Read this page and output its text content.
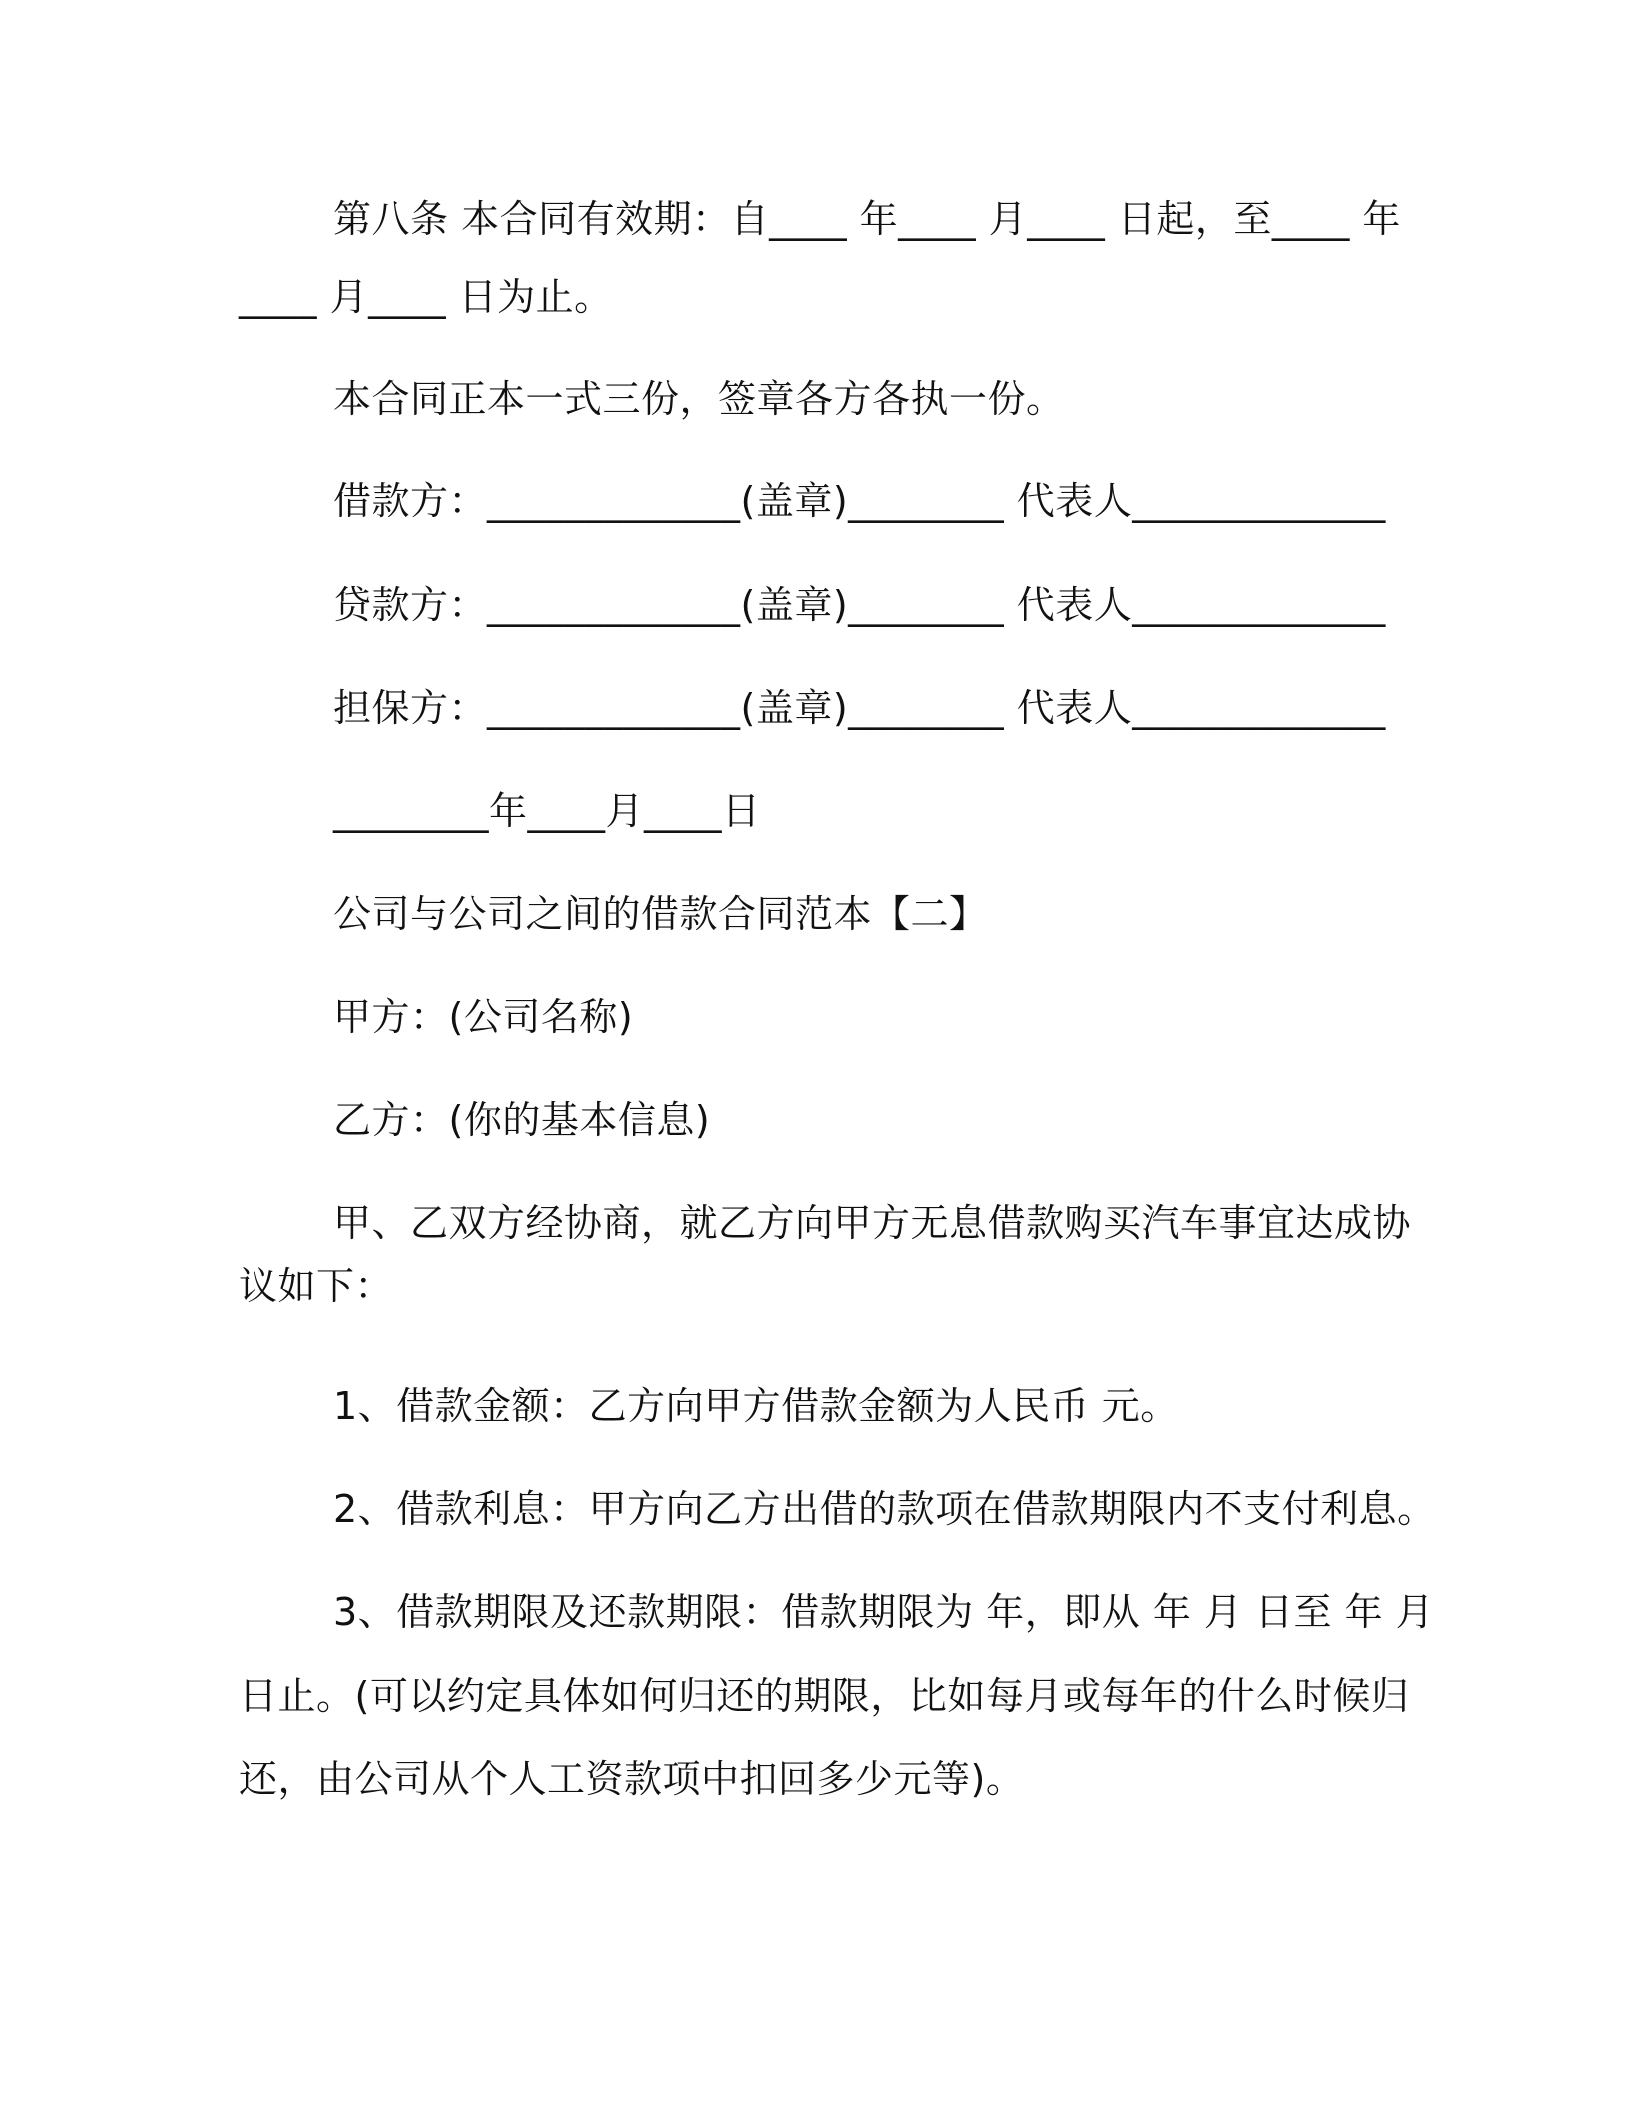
第八条 本合同有效期：自____ 年____ 月____ 日起，至____ 年
____ 月____ 日为止。
本合同正本一式三份，签章各方各执一份。
借款方：_____________(盖章)________ 代表人_____________
贷款方：_____________(盖章)________ 代表人_____________
担保方：_____________(盖章)________ 代表人_____________
________年____月____日
公司与公司之间的借款合同范本【二】
甲方：(公司名称)
乙方：(你的基本信息)
甲、乙双方经协商，就乙方向甲方无息借款购买汽车事宜达成协
议如下：
1、借款金额：乙方向甲方借款金额为人民币 元。
2、借款利息：甲方向乙方出借的款项在借款期限内不支付利息。
3、借款期限及还款期限：借款期限为 年，即从 年 月 日至 年 月
日止。(可以约定具体如何归还的期限，比如每月或每年的什么时候归
还，由公司从个人工资款项中扣回多少元等)。
